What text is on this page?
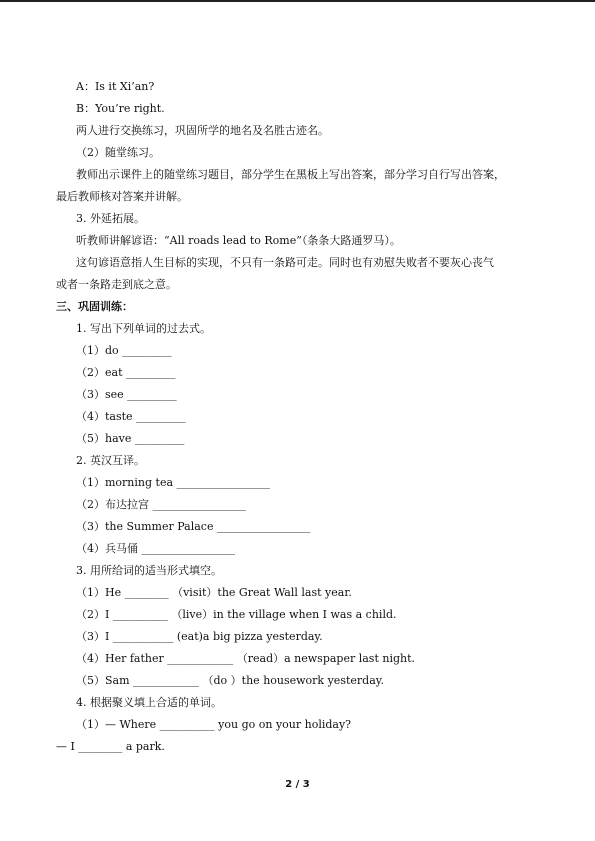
A：Is it Xi’an?
B：You’re right.
两人进行交换练习，巩固所学的地名及名胜古迹名。
（2）随堂练习。
教师出示课件上的随堂练习题目，部分学生在黑板上写出答案，部分学习自行写出答案，
最后教师核对答案并讲解。
3. 外延拓展。
听教师讲解谚语：“All roads lead to Rome”（条条大路通罗马）。
这句谚语意指人生目标的实现，不只有一条路可走。同时也有劝慰失败者不要灰心丧气
或者一条路走到底之意。
三、巩固训练：
1. 写出下列单词的过去式。
（1）do _________
（2）eat _________
（3）see _________
（4）taste _________
（5）have _________
2. 英汉互译。
（1）morning tea _________________
（2）布达拉宫 _________________
（3）the Summer Palace _________________
（4）兵马俑 _________________
3. 用所给词的适当形式填空。
（1）He ________ （visit）the Great Wall last year.
（2）I __________ （live）in the village when I was a child.
（3）I ___________ (eat)a big pizza yesterday.
（4）Her father ____________ （read）a newspaper last night.
（5）Sam ____________ （do ）the housework yesterday.
4. 根据聚义填上合适的单词。
（1）— Where __________ you go on your holiday?
— I ________ a park.
2 / 3
